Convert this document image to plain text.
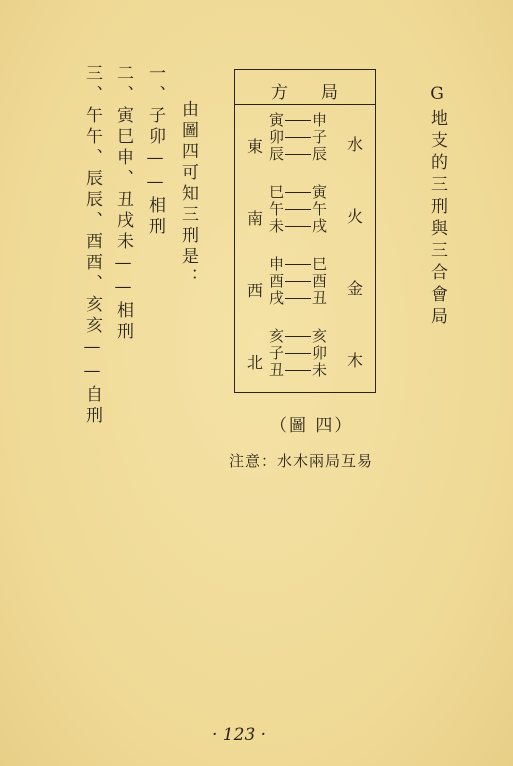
G地支的三刑與三合會局
方 局
東
寅 申
卯 子
辰 辰 水
南
巳 寅
午 午
未 戌 火
西
申 巳
酉 酉
戌 丑 金
北
亥 亥
子 卯
丑 未 木
由圖四可知三刑是：
一、子卯——相刑
二、寅巳申、丑戌未——相刑
三、午午、辰辰、酉酉、亥亥——自刑	（圖 四）
注意：水木兩局互易
· 123 ·
